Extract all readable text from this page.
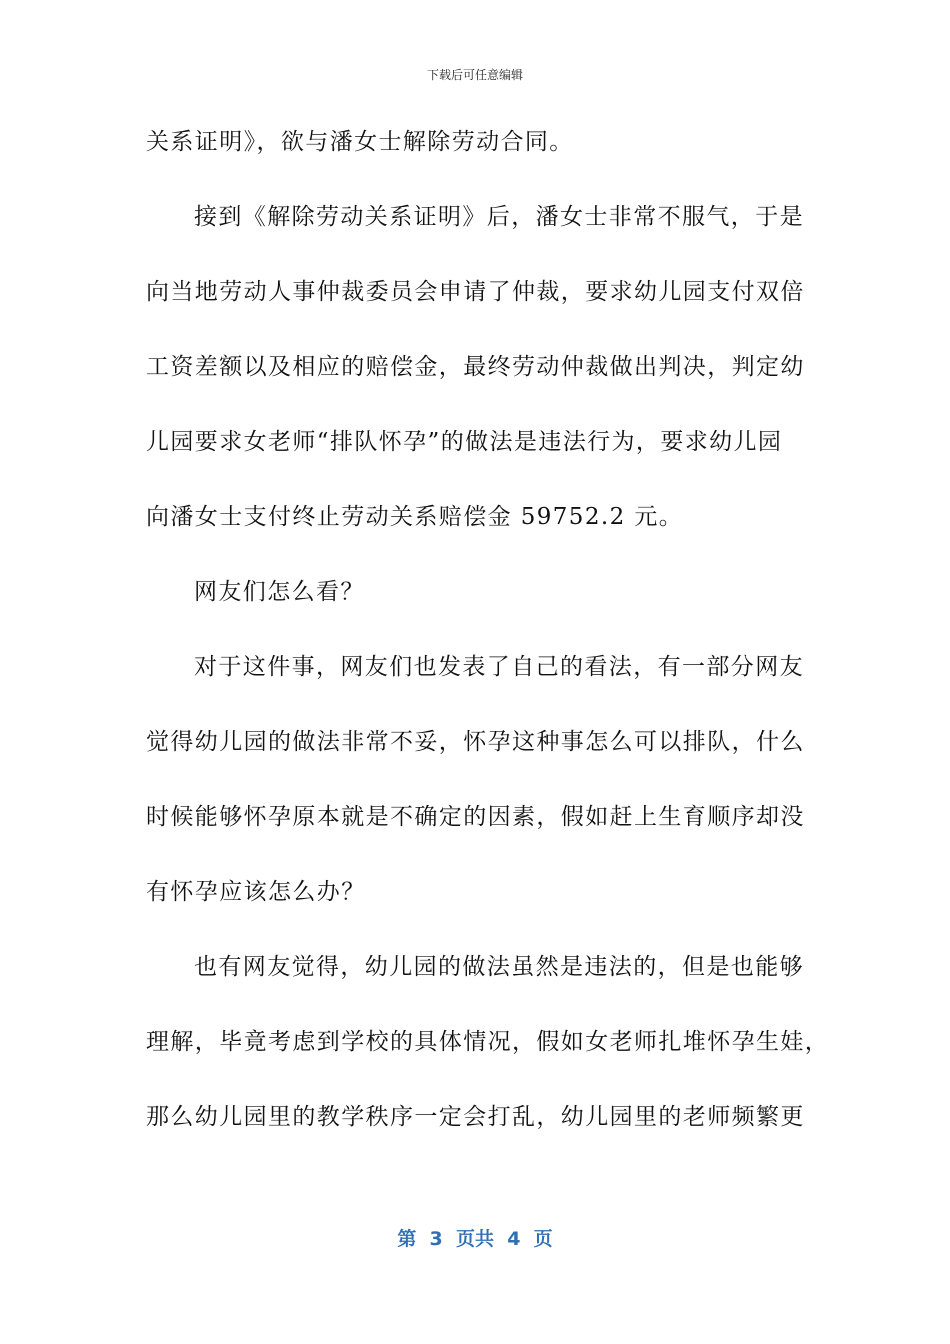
下载后可任意编辑
关系证明》，欲与潘女士解除劳动合同。
接到《解除劳动关系证明》后，潘女士非常不服气，于是
向当地劳动人事仲裁委员会申请了仲裁，要求幼儿园支付双倍
工资差额以及相应的赔偿金，最终劳动仲裁做出判决，判定幼
儿园要求女老师“排队怀孕”的做法是违法行为，要求幼儿园
向潘女士支付终止劳动关系赔偿金 59752.2 元。
网友们怎么看？
对于这件事，网友们也发表了自己的看法，有一部分网友
觉得幼儿园的做法非常不妥，怀孕这种事怎么可以排队，什么
时候能够怀孕原本就是不确定的因素，假如赶上生育顺序却没
有怀孕应该怎么办？
也有网友觉得，幼儿园的做法虽然是违法的，但是也能够
理解，毕竟考虑到学校的具体情况，假如女老师扎堆怀孕生娃，
那么幼儿园里的教学秩序一定会打乱，幼儿园里的老师频繁更
第  3  页共  4  页
